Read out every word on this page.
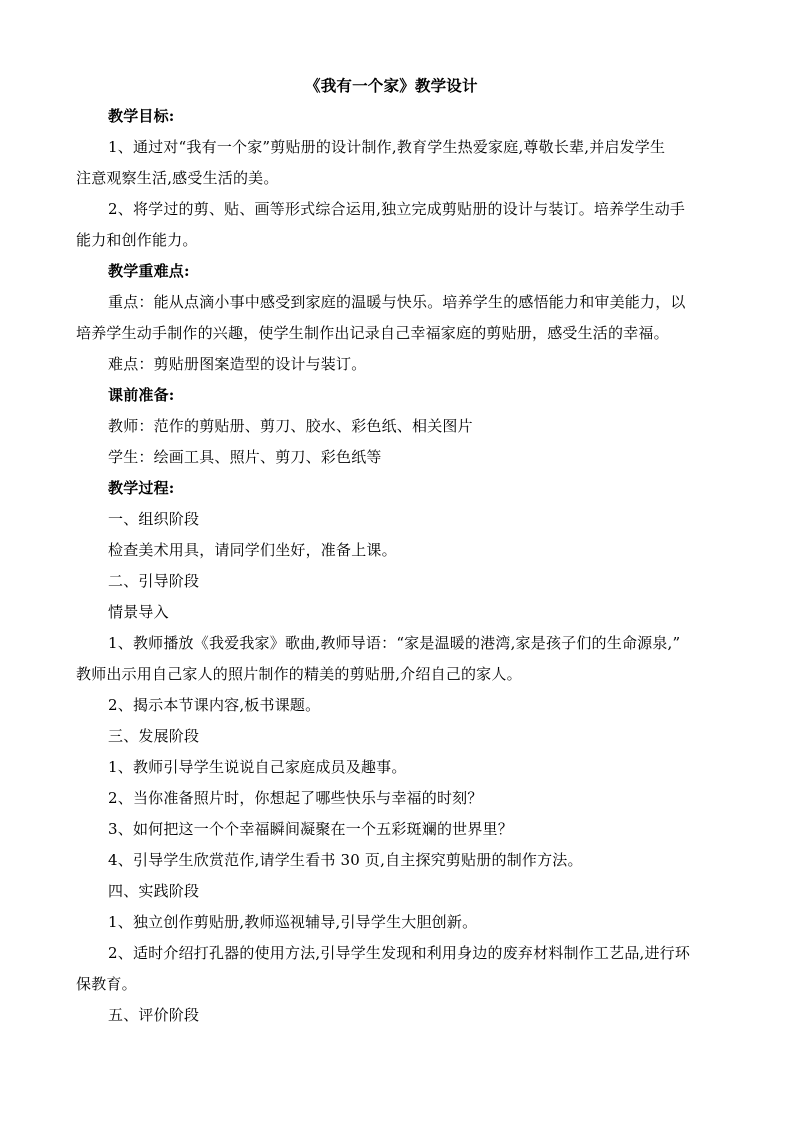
《我有一个家》教学设计
教学目标:
1、通过对“我有一个家”剪贴册的设计制作,教育学生热爱家庭,尊敬长辈,并启发学生
注意观察生活,感受生活的美。
2、将学过的剪、贴、画等形式综合运用,独立完成剪贴册的设计与装订。培养学生动手
能力和创作能力。
教学重难点:
重点：能从点滴小事中感受到家庭的温暖与快乐。培养学生的感悟能力和审美能力，以
培养学生动手制作的兴趣，使学生制作出记录自己幸福家庭的剪贴册，感受生活的幸福。
难点：剪贴册图案造型的设计与装订。
课前准备:
教师：范作的剪贴册、剪刀、胶水、彩色纸、相关图片
学生：绘画工具、照片、剪刀、彩色纸等
教学过程:
一、组织阶段
检查美术用具，请同学们坐好，准备上课。
二、引导阶段
情景导入
1、教师播放《我爱我家》歌曲,教师导语：“家是温暖的港湾,家是孩子们的生命源泉,”
教师出示用自己家人的照片制作的精美的剪贴册,介绍自己的家人。
2、揭示本节课内容,板书课题。
三、发展阶段
1、教师引导学生说说自己家庭成员及趣事。
2、当你准备照片时，你想起了哪些快乐与幸福的时刻？
3、如何把这一个个幸福瞬间凝聚在一个五彩斑斓的世界里？
4、引导学生欣赏范作,请学生看书 30 页,自主探究剪贴册的制作方法。
四、实践阶段
1、独立创作剪贴册,教师巡视辅导,引导学生大胆创新。
2、适时介绍打孔器的使用方法,引导学生发现和利用身边的废弃材料制作工艺品,进行环
保教育。
五、评价阶段
